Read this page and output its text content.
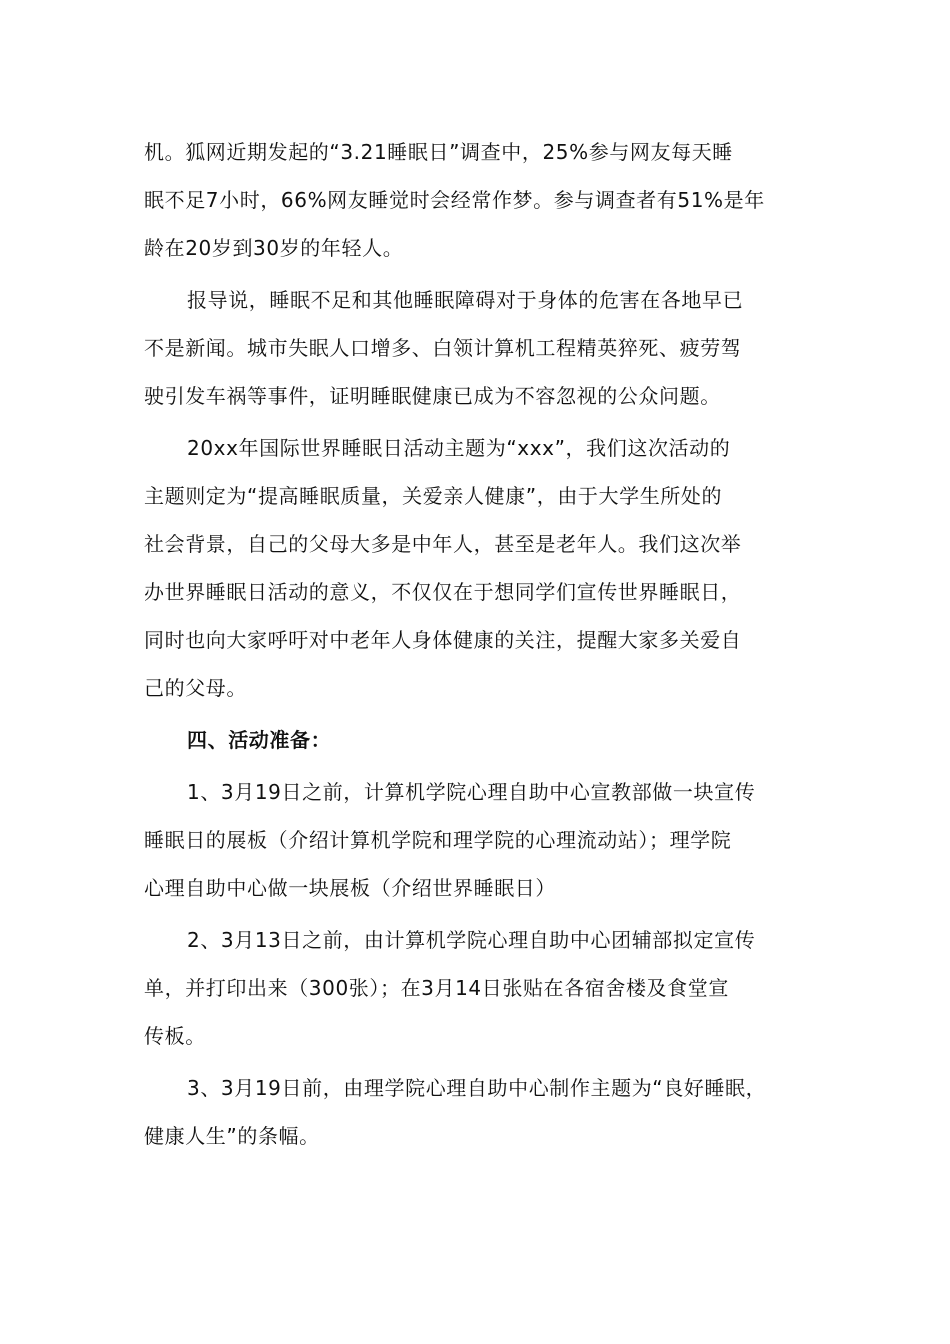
机。狐网近期发起的“3.21睡眠日”调查中，25%参与网友每天睡
眠不足7小时，66%网友睡觉时会经常作梦。参与调查者有51%是年
龄在20岁到30岁的年轻人。
报导说，睡眠不足和其他睡眠障碍对于身体的危害在各地早已
不是新闻。城市失眠人口增多、白领计算机工程精英猝死、疲劳驾
驶引发车祸等事件，证明睡眠健康已成为不容忽视的公众问题。
20xx年国际世界睡眠日活动主题为“xxx”，我们这次活动的
主题则定为“提高睡眠质量，关爱亲人健康”，由于大学生所处的
社会背景，自己的父母大多是中年人，甚至是老年人。我们这次举
办世界睡眠日活动的意义，不仅仅在于想同学们宣传世界睡眠日，
同时也向大家呼吁对中老年人身体健康的关注，提醒大家多关爱自
己的父母。
四、活动准备：
1、3月19日之前，计算机学院心理自助中心宣教部做一块宣传
睡眠日的展板（介绍计算机学院和理学院的心理流动站）；理学院
心理自助中心做一块展板（介绍世界睡眠日）
2、3月13日之前，由计算机学院心理自助中心团辅部拟定宣传
单，并打印出来（300张）；在3月14日张贴在各宿舍楼及食堂宣
传板。
3、3月19日前，由理学院心理自助中心制作主题为“良好睡眠，
健康人生”的条幅。
